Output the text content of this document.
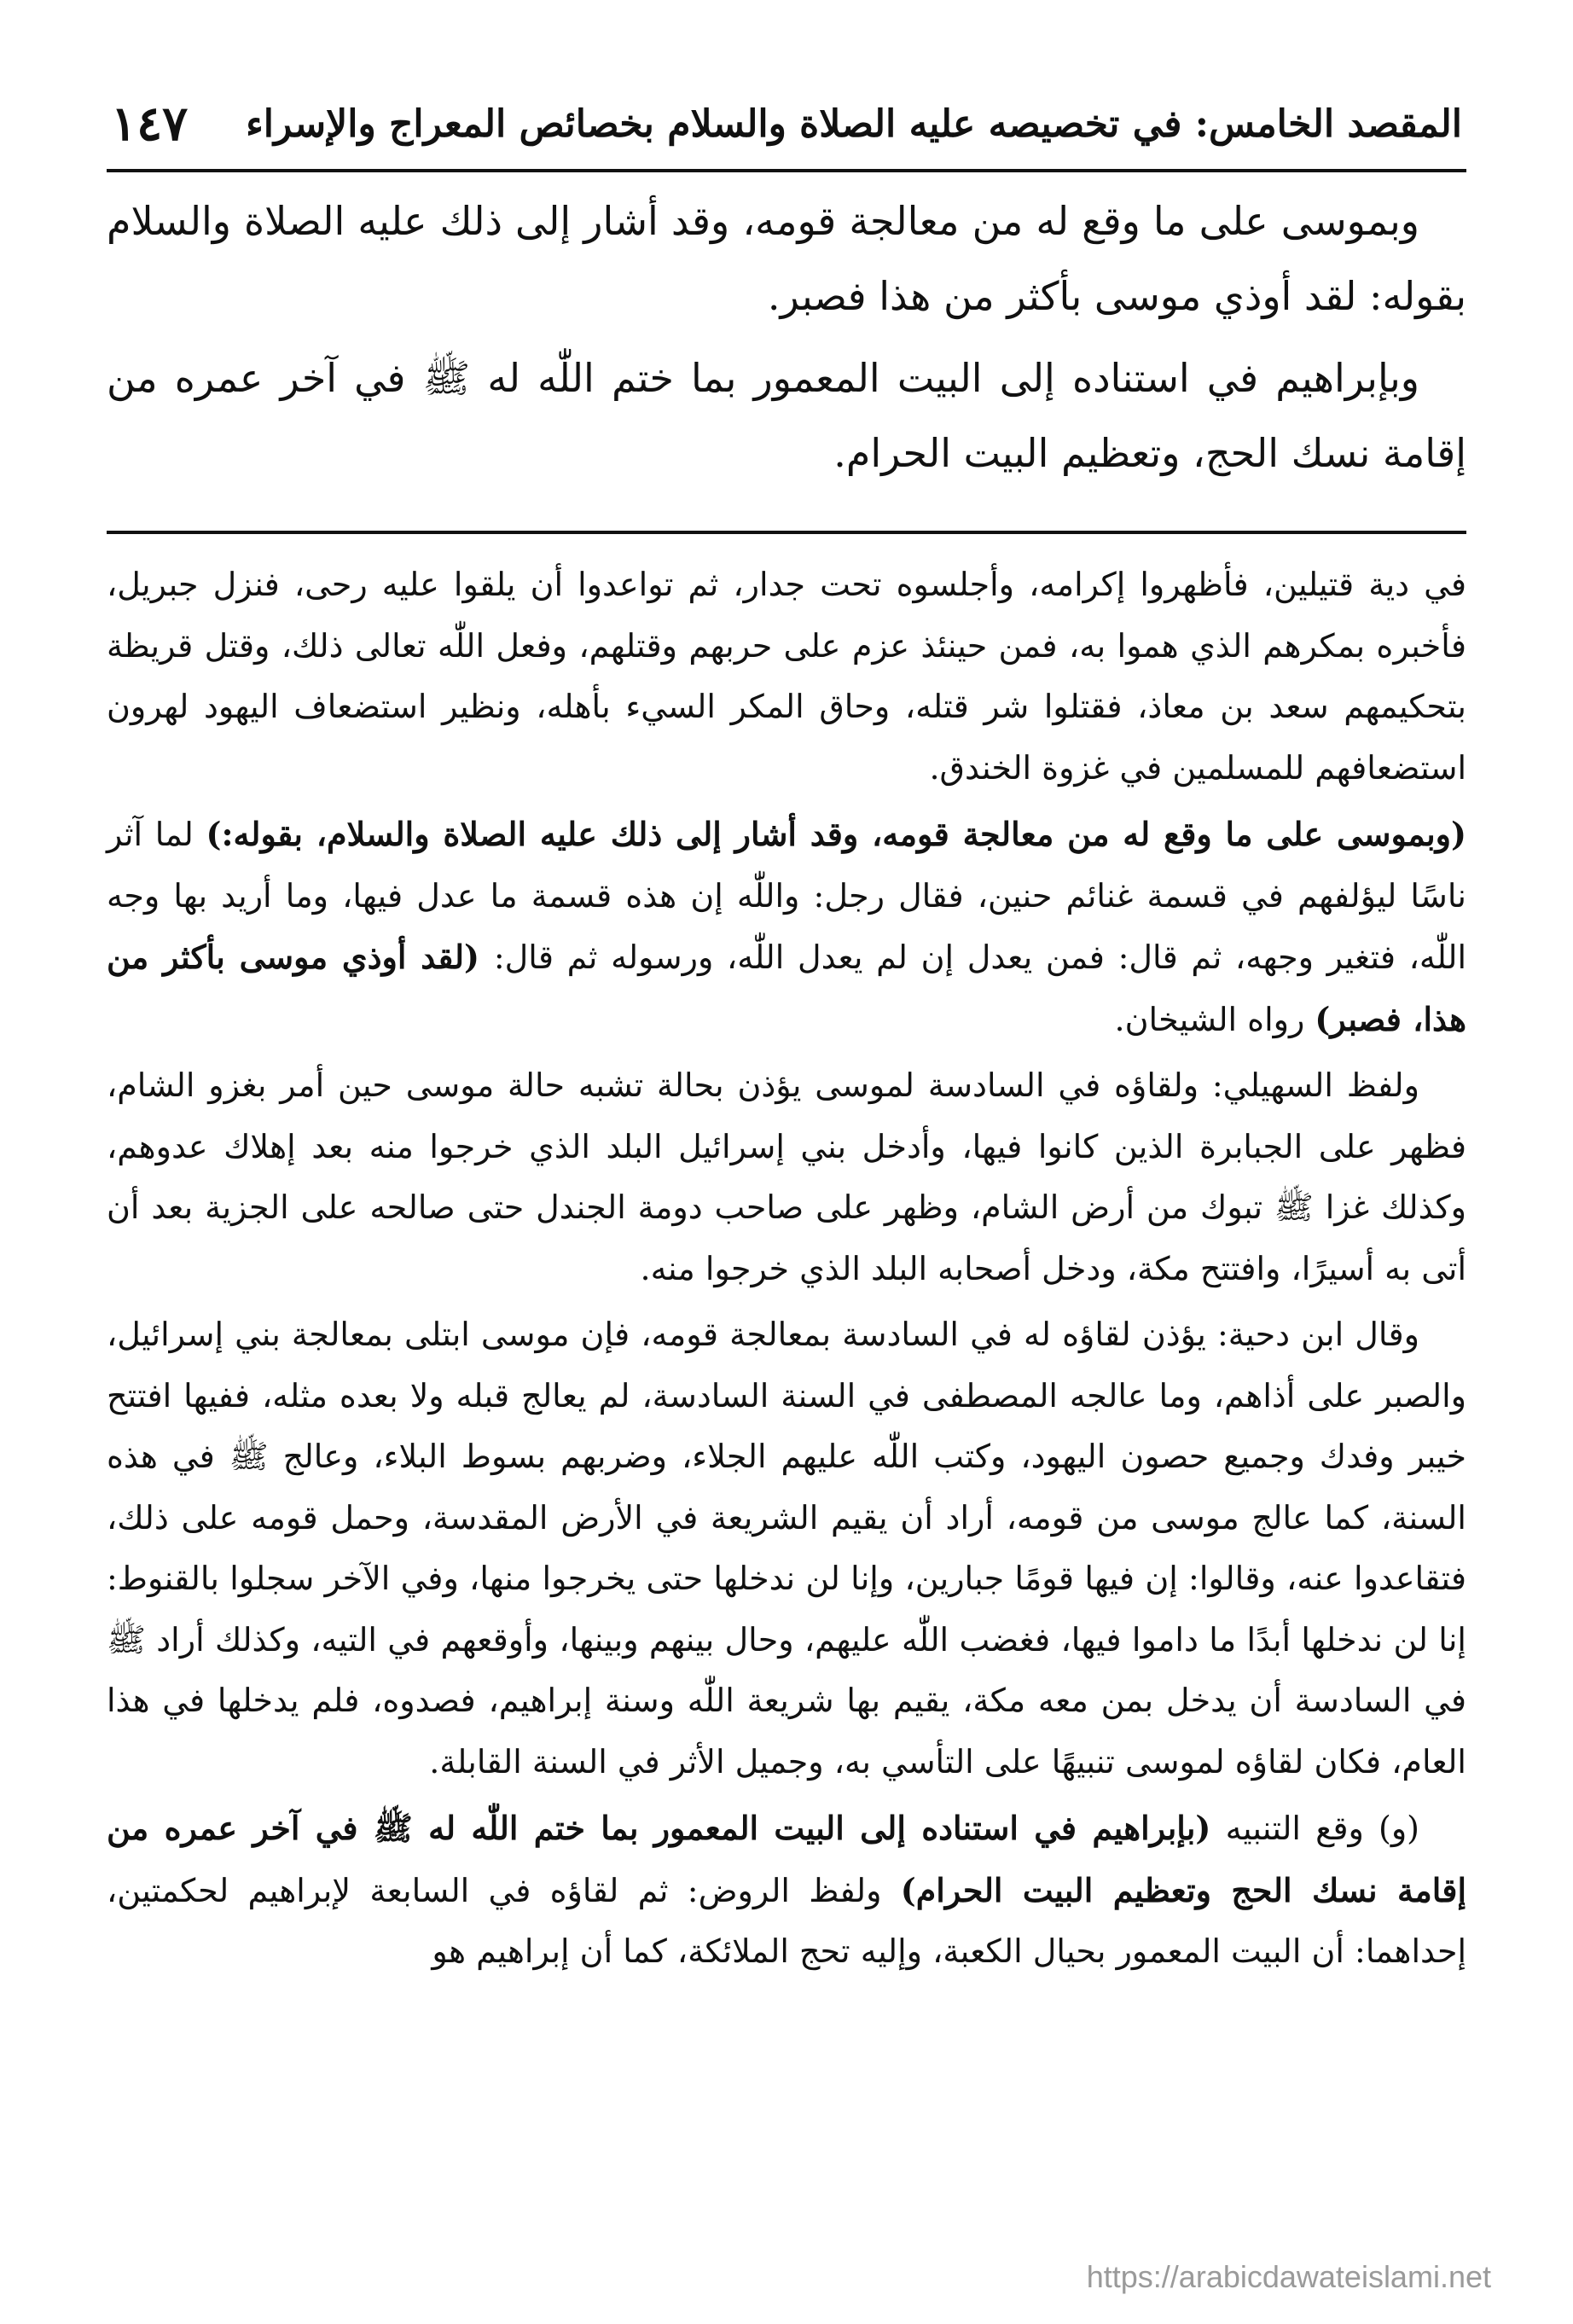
المقصد الخامس: في تخصيصه عليه الصلاة والسلام بخصائص المعراج والإسراء
١٤٧

وبموسى على ما وقع له من معالجة قومه، وقد أشار إلى ذلك عليه الصلاة والسلام بقوله: لقد أوذي موسى بأكثر من هذا فصبر.

وبإبراهيم في استناده إلى البيت المعمور بما ختم اللّٰه له ﷺ في آخر عمره من إقامة نسك الحج، وتعظيم البيت الحرام.

في دية قتيلين، فأظهروا إكرامه، وأجلسوه تحت جدار، ثم تواعدوا أن يلقوا عليه رحى، فنزل جبريل، فأخبره بمكرهم الذي هموا به، فمن حينئذ عزم على حربهم وقتلهم، وفعل اللّٰه تعالى ذلك، وقتل قريظة بتحكيمهم سعد بن معاذ، فقتلوا شر قتله، وحاق المكر السيء بأهله، ونظير استضعاف اليهود لهرون استضعافهم للمسلمين في غزوة الخندق.

(وبموسى على ما وقع له من معالجة قومه، وقد أشار إلى ذلك عليه الصلاة والسلام، بقوله:) لما آثر ناسًا ليؤلفهم في قسمة غنائم حنين، فقال رجل: واللّٰه إن هذه قسمة ما عدل فيها، وما أريد بها وجه اللّٰه، فتغير وجهه، ثم قال: فمن يعدل إن لم يعدل اللّٰه، ورسوله ثم قال: (لقد أوذي موسى بأكثر من هذا، فصبر) رواه الشيخان.

ولفظ السهيلي: ولقاؤه في السادسة لموسى يؤذن بحالة تشبه حالة موسى حين أمر بغزو الشام، فظهر على الجبابرة الذين كانوا فيها، وأدخل بني إسرائيل البلد الذي خرجوا منه بعد إهلاك عدوهم، وكذلك غزا ﷺ تبوك من أرض الشام، وظهر على صاحب دومة الجندل حتى صالحه على الجزية بعد أن أتى به أسيرًا، وافتتح مكة، ودخل أصحابه البلد الذي خرجوا منه.

وقال ابن دحية: يؤذن لقاؤه له في السادسة بمعالجة قومه، فإن موسى ابتلى بمعالجة بني إسرائيل، والصبر على أذاهم، وما عالجه المصطفى في السنة السادسة، لم يعالج قبله ولا بعده مثله، ففيها افتتح خيبر وفدك وجميع حصون اليهود، وكتب اللّٰه عليهم الجلاء، وضربهم بسوط البلاء، وعالج ﷺ في هذه السنة، كما عالج موسى من قومه، أراد أن يقيم الشريعة في الأرض المقدسة، وحمل قومه على ذلك، فتقاعدوا عنه، وقالوا: إن فيها قومًا جبارين، وإنا لن ندخلها حتى يخرجوا منها، وفي الآخر سجلوا بالقنوط: إنا لن ندخلها أبدًا ما داموا فيها، فغضب اللّٰه عليهم، وحال بينهم وبينها، وأوقعهم في التيه، وكذلك أراد ﷺ في السادسة أن يدخل بمن معه مكة، يقيم بها شريعة اللّٰه وسنة إبراهيم، فصدوه، فلم يدخلها في هذا العام، فكان لقاؤه لموسى تنبيهًا على التأسي به، وجميل الأثر في السنة القابلة.

(و) وقع التنبيه (بإبراهيم في استناده إلى البيت المعمور بما ختم اللّٰه له ﷺ في آخر عمره من إقامة نسك الحج وتعظيم البيت الحرام) ولفظ الروض: ثم لقاؤه في السابعة لإبراهيم لحكمتين، إحداهما: أن البيت المعمور بحيال الكعبة، وإليه تحج الملائكة، كما أن إبراهيم هو

https://arabicdawateislami.net
